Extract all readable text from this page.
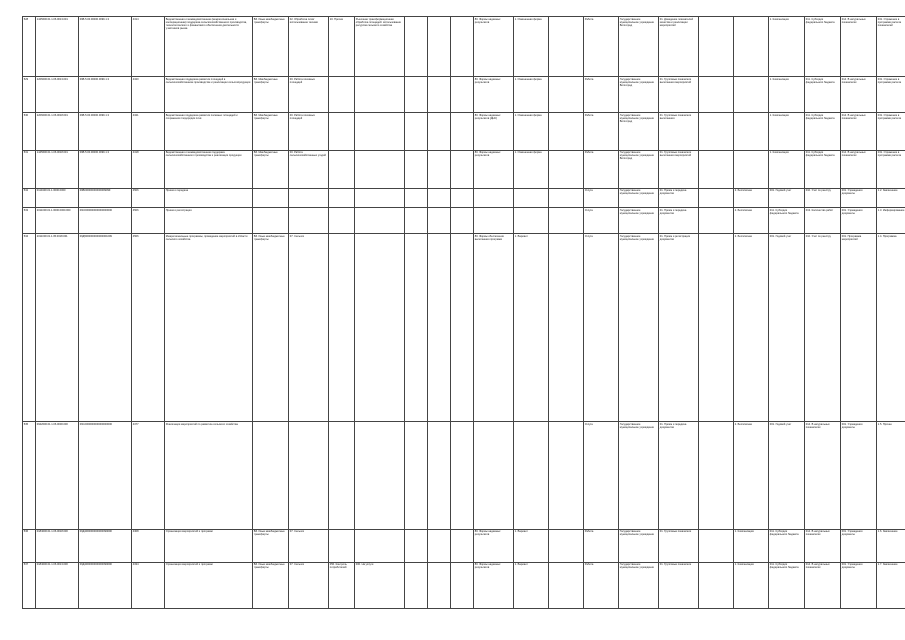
528	1445600.01.1.06.0013.001	09В.5.00.00000.0099.1.3	4314	Ведомственная и межведомственная (межрегиональная и кооперационная) поддержка сельскохозяйственного производства, технологического и финансового обеспечения деятельности участников рынка	ВЗ. Иные межбюджетные трансферты	02. Обработка почв/использование техники	10. Прочие	Рыночная трансформационная обработка площадей: использование ресурсов сельского хозяйства				80. Формы надежных результатов	1. Измененная форма		Работа	Государственное муниципальное учреждение Волгоград	01. Доведение показателей качества и реализации мероприятий			1. Компенсация	011. Субсидии федерального бюджета	014. В натуральных показателях	031. Отражение в программе расчета показателей
529	2206000.01.1.06.0013.001	09В.5.00.00000.0099.1.3	4320	Ведомственная поддержка развития площадей в сельскохозяйственном производстве и реализации сельхозпродукции	ВЗ. Межбюджетные трансферты	00. Работа посевных площадей						80. Формы надежных результатов	1. Измененная форма		Работа	Государственное муниципальное учреждение Волгоград	01. Групповые показатели выполнения мероприятий			1. Компенсация	011. Субсидии федерального бюджета	014. В натуральных показателях	031. Отражение в программе расчета
530	2206000.01.1.06.0018.001	09В.5.00.00000.0099.1.3	4321	Ведомственная поддержка развития посевных площадей и сохранения плодородия почв	ВЗ. Межбюджетные трансферты	00. Работа посевных площадей						80. Формы надежных результатов (ДНС)	1. Измененная форма		Работа	Государственное муниципальное учреждение Волгоград	01. Групповые показатели выполнения			1. Компенсация	011. Субсидии федерального бюджета	014. В натуральных показателях	031. Отражение в программе расчета
531	1445600.01.1.06.0018.001	09В.5.00.00000.0099.1.3	4318	Ведомственная и межведомственная поддержка сельскохозяйственного производства и реализации продукции	ВЗ. Межбюджетные трансферты	00. Работа сельскохозяйственных угодий						80. Формы надежных результатов	1. Измененная форма		Работа	Государственное муниципальное учреждение Волгоград	01. Групповые показатели выполнения мероприятий			1. Компенсация	011. Субсидии федерального бюджета	014. В натуральных показателях	031. Отражение в программе расчета
532	0110430.01.1.0000.0000	09В000000000000099099	4506	Прием и передача											Услуга	Государственное муниципальное учреждение	01. Прием и передача документов		2. Бесплатная	001. Годовой учет	010. Учет по реестру	001. Учреждения документы	1.2. Заключение
533	2011000.01.1.0000.0000.000	09С0000000000000000000	4506	Прием и регистрация											Услуга	Государственное муниципальное учреждение	01. Прием и передача документов		2. Бесплатная	011. Субсидии федерального бюджета	013. Количество работ	001. Учреждения документы	1.3. Информирование
534	2011000.01.1.05.0018.001	09Д5000000000000001099	4506	Межрегиональные программы, проведение мероприятий в области сельского хозяйства	ВЗ. Иные межбюджетные трансферты	07. Сельхоз						80. Формы обеспечения выполнения программ	1. Вариант		Услуга	Государственное муниципальное учреждение	01. Прием и регистрация документов		2. Бесплатная	001. Годовой учет	010. Учет по реестру	001. Программа мероприятий	1.4. Программа
535	0942000.01.1.06.0000.000	09С2000000000000000000	4377	Реализация мероприятий по развитию сельского хозяйства											Услуга	Государственное муниципальное учреждение	01. Прием и передача документов		2. Бесплатная	001. Годовой учет	014. В натуральных показателях	001. Учреждения документы	1.5. Прочее
536	0184000.01.1.06.0018.000	09Д4000000000000099090	4308	Организация мероприятий и программ	ВЗ. Иные межбюджетные трансферты	07. Сельхоз						80. Формы надежных результатов	1. Вариант		Работа	Государственное муниципальное учреждение	01. Групповые показатели		1. Компенсация	011. Субсидии федерального бюджета	014. В натуральных показателях	001. Учреждения документы	1.6. Заключение
537	0184000.01.1.06.0013.000	09Д4000000000000099090	4334	Организация мероприятий и программ	ВЗ. Иные межбюджетные трансферты	07. Сельхоз	056. Контроль потребителей	000. На услуги				80. Формы надежных результатов	1. Вариант		Работа	Государственное муниципальное учреждение	01. Групповые показатели		1. Компенсация	011. Субсидии федерального бюджета	014. В натуральных показателях	001. Учреждения документы	1.7. Заключение
